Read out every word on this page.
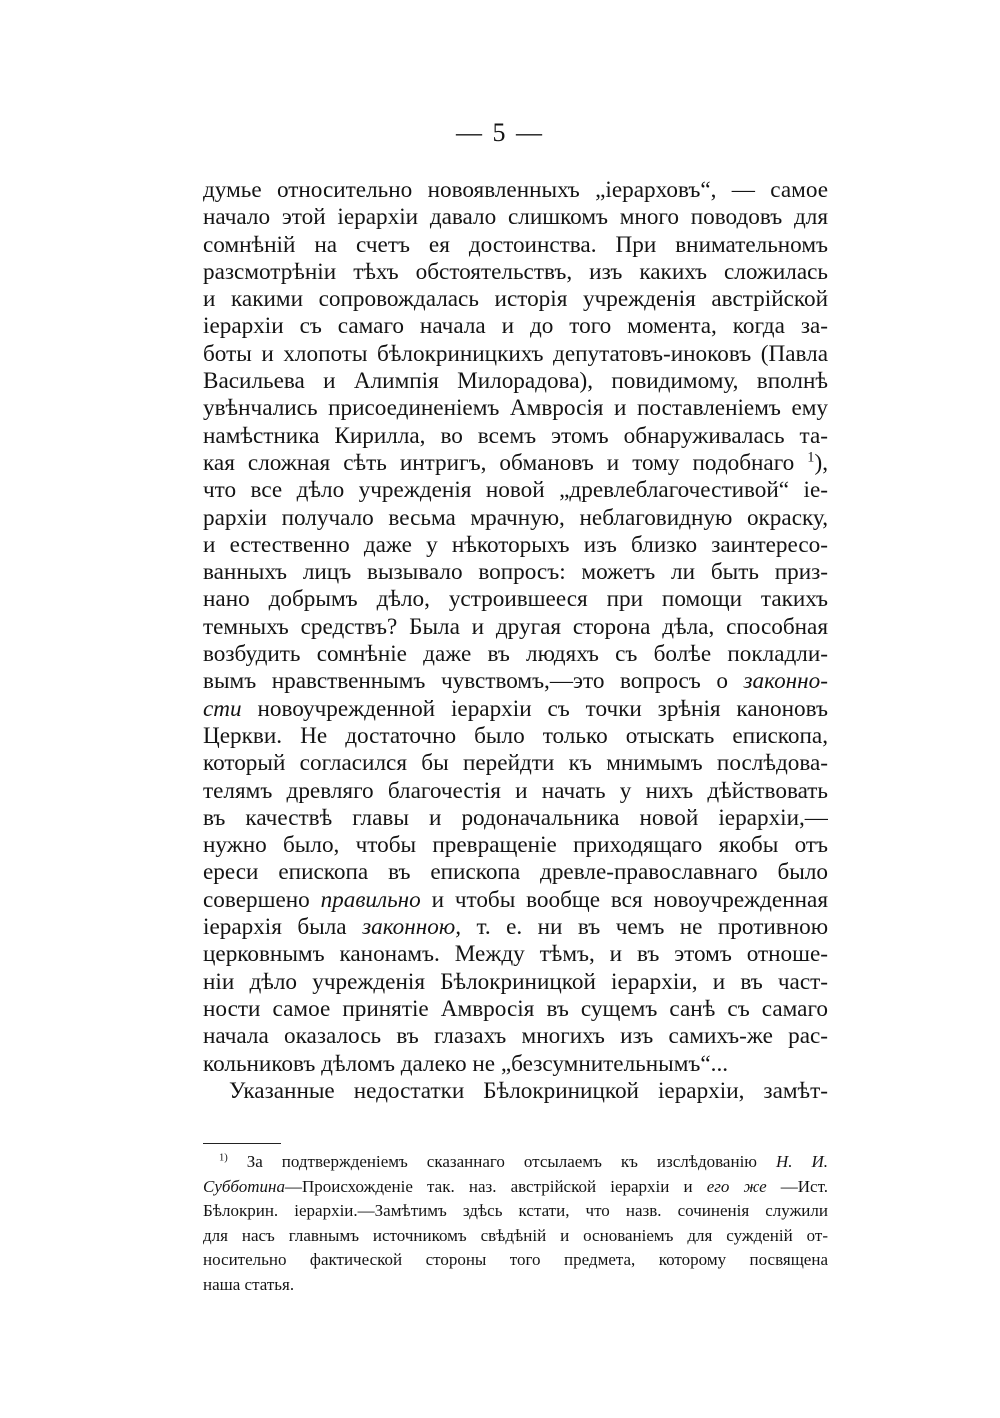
— 5 —
думье относительно новоявленныхъ „iерарховъ“, — самое
начало этой iерархiи давало слишкомъ много поводовъ для
сомнѣнiй на счетъ ея достоинства. При внимательномъ
разсмотрѣнiи тѣхъ обстоятельствъ, изъ какихъ сложилась
и какими сопровождалась исторiя учрежденiя австрiйской
iерархiи съ самаго начала и до того момента, когда за-
боты и хлопоты бѣлокриницкихъ депутатовъ-иноковъ (Павла
Васильева и Алимпiя Милорадова), повидимому, вполнѣ
увѣнчались присоединенiемъ Амвросiя и поставленiемъ ему
намѣстника Кирилла, во всемъ этомъ обнаруживалась та-
кая сложная сѣть интригъ, обмановъ и тому подобнаго $^1$),
что все дѣло учрежденiя новой „древлеблагочестивой“ iе-
рархiи получало весьма мрачную, неблаговидную окраску,
и естественно даже у нѣкоторыхъ изъ близко заинтересо-
ванныхъ лицъ вызывало вопросъ: можетъ ли быть приз-
нано добрымъ дѣло, устроившееся при помощи такихъ
темныхъ средствъ? Была и другая сторона дѣла, способная
возбудить сомнѣнiе даже въ людяхъ съ болѣе покладли-
вымъ нравственнымъ чувствомъ,—это вопросъ о законно-
сти новоучрежденной iерархiи съ точки зрѣнiя каноновъ
Церкви. Не достаточно было только отыскать епископа,
который согласился бы перейдти къ мнимымъ послѣдова-
телямъ древляго благочестiя и начать у нихъ дѣйствовать
въ качествѣ главы и родоначальника новой iерархiи,—
нужно было, чтобы превращенiе приходящаго якобы отъ
ереси епископа въ епископа древле-православнаго было
совершено правильно и чтобы вообще вся новоучрежденная
iерархiя была законною, т. е. ни въ чемъ не противною
церковнымъ канонамъ. Между тѣмъ, и въ этомъ отноше-
нiи дѣло учрежденiя Бѣлокриницкой iерархiи, и въ част-
ности самое принятiе Амвросiя въ сущемъ санѣ съ самаго
начала оказалось въ глазахъ многихъ изъ самихъ-же рас-
кольниковъ дѣломъ далеко не „безсумнительнымъ“...
Указанные недостатки Бѣлокриницкой iерархiи, замѣт-
$^{1)}$ За подтвержденiемъ сказаннаго отсылаемъ къ изслѣдованiю Н. И.
Субботина—Происхожденiе так. наз. австрiйской iерархiи и его же —Ист.
Бѣлокрин. iерархiи.—Замѣтимъ здѣсь кстати, что назв. сочиненiя служили
для насъ главнымъ источникомъ свѣдѣнiй и основанiемъ для сужденiй от-
носительно фактической стороны того предмета, которому посвящена
наша статья.
